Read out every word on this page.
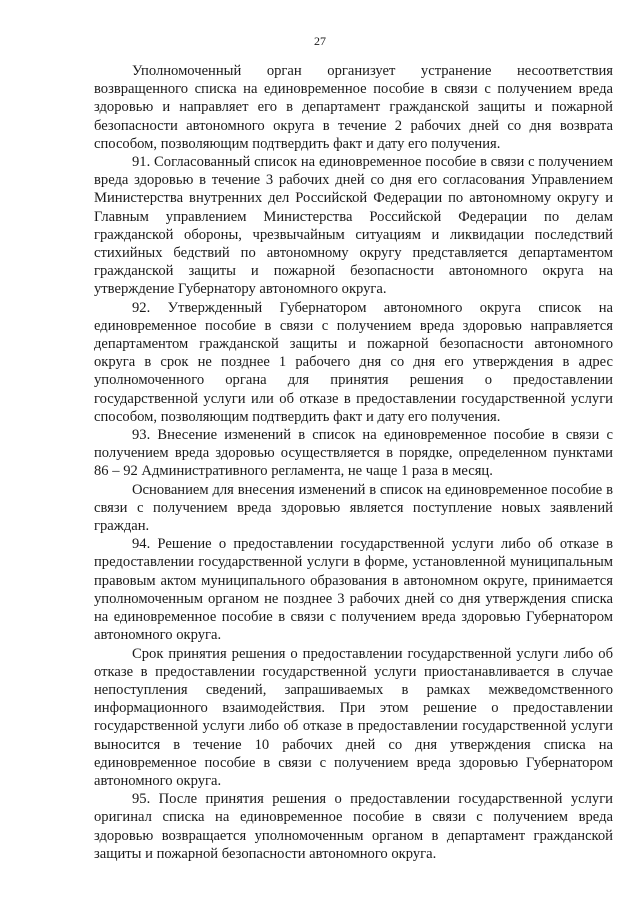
27

Уполномоченный орган организует устранение несоответствия возвращенного списка на единовременное пособие в связи с получением вреда здоровью и направляет его в департамент гражданской защиты и пожарной безопасности автономного округа в течение 2 рабочих дней со дня возврата способом, позволяющим подтвердить факт и дату его получения.

91. Согласованный список на единовременное пособие в связи с получением вреда здоровью в течение 3 рабочих дней со дня его согласования Управлением Министерства внутренних дел Российской Федерации по автономному округу и Главным управлением Министерства Российской Федерации по делам гражданской обороны, чрезвычайным ситуациям и ликвидации последствий стихийных бедствий по автономному округу представляется департаментом гражданской защиты и пожарной безопасности автономного округа на утверждение Губернатору автономного округа.

92. Утвержденный Губернатором автономного округа список на единовременное пособие в связи с получением вреда здоровью направляется департаментом гражданской защиты и пожарной безопасности автономного округа в срок не позднее 1 рабочего дня со дня его утверждения в адрес уполномоченного органа для принятия решения о предоставлении государственной услуги или об отказе в предоставлении государственной услуги способом, позволяющим подтвердить факт и дату его получения.

93. Внесение изменений в список на единовременное пособие в связи с получением вреда здоровью осуществляется в порядке, определенном пунктами 86 – 92 Административного регламента, не чаще 1 раза в месяц.

Основанием для внесения изменений в список на единовременное пособие в связи с получением вреда здоровью является поступление новых заявлений граждан.

94. Решение о предоставлении государственной услуги либо об отказе в предоставлении государственной услуги в форме, установленной муниципальным правовым актом муниципального образования в автономном округе, принимается уполномоченным органом не позднее 3 рабочих дней со дня утверждения списка на единовременное пособие в связи с получением вреда здоровью Губернатором автономного округа.

Срок принятия решения о предоставлении государственной услуги либо об отказе в предоставлении государственной услуги приостанавливается в случае непоступления сведений, запрашиваемых в рамках межведомственного информационного взаимодействия. При этом решение о предоставлении государственной услуги либо об отказе в предоставлении государственной услуги выносится в течение 10 рабочих дней со дня утверждения списка на единовременное пособие в связи с получением вреда здоровью Губернатором автономного округа.

95. После принятия решения о предоставлении государственной услуги оригинал списка на единовременное пособие в связи с получением вреда здоровью возвращается уполномоченным органом в департамент гражданской защиты и пожарной безопасности автономного округа.
